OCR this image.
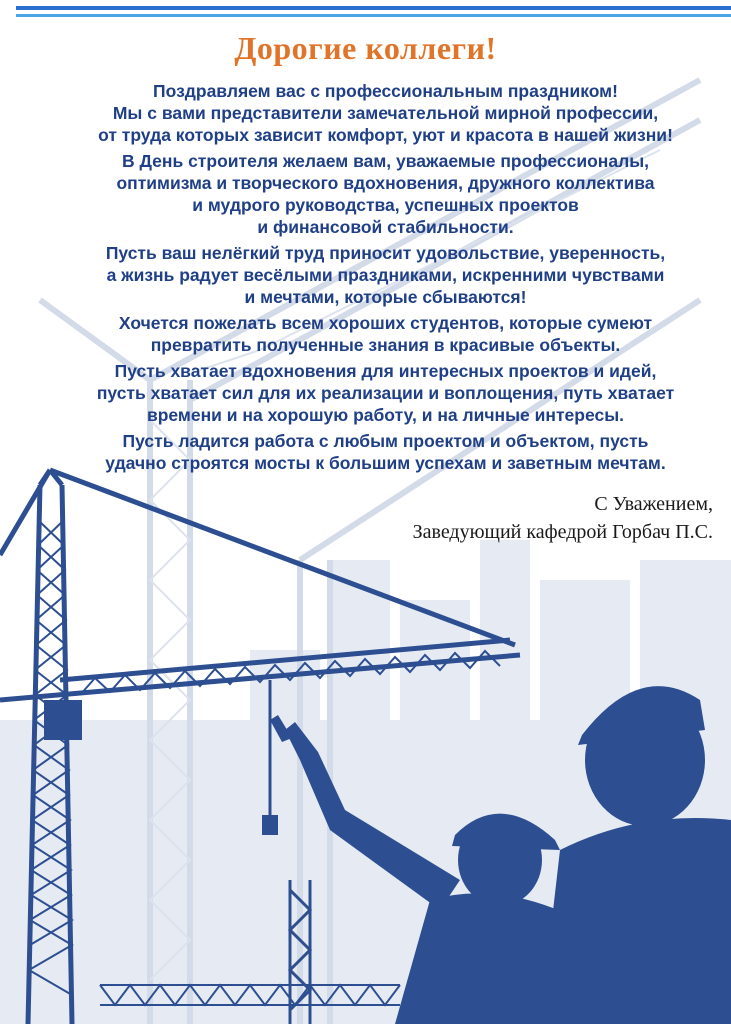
Дорогие коллеги!

Поздравляем вас с профессиональным праздником!
Мы с вами представители замечательной мирной профессии,
от труда которых зависит комфорт, уют и красота в нашей жизни!

В День строителя желаем вам, уважаемые профессионалы,
оптимизма и творческого вдохновения, дружного коллектива
и мудрого руководства, успешных проектов
и финансовой стабильности.

Пусть ваш нелёгкий труд приносит удовольствие, уверенность,
а жизнь радует весёлыми праздниками, искренними чувствами
и мечтами, которые сбываются!

Хочется пожелать всем хороших студентов, которые сумеют
превратить полученные знания в красивые объекты.

Пусть хватает вдохновения для интересных проектов и идей,
пусть хватает сил для их реализации и воплощения, путь хватает
времени и на хорошую работу, и на личные интересы.

Пусть ладится работа с любым проектом и объектом, пусть
удачно строятся мосты к большим успехам и заветным мечтам.

С Уважением,
Заведующий кафедрой Горбач П.С.
